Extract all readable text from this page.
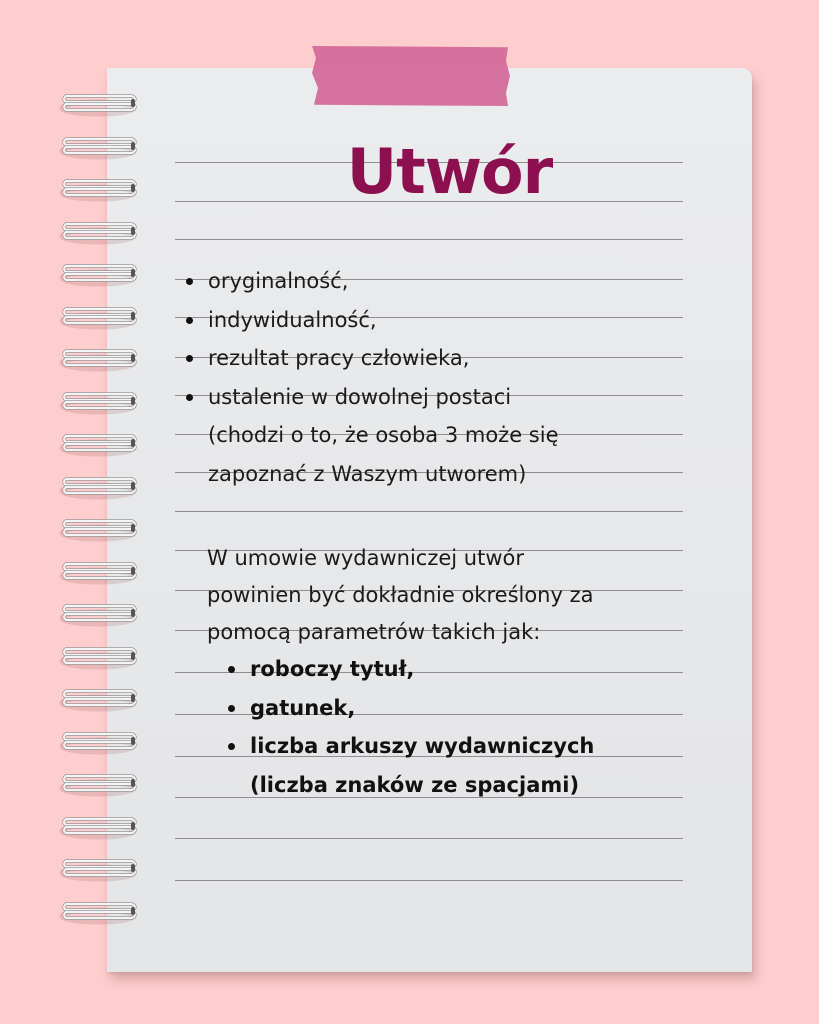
Utwór
oryginalność,
indywidualność,
rezultat pracy człowieka,
ustalenie w dowolnej postaci
(chodzi o to, że osoba 3 może się
zapoznać z Waszym utworem)
W umowie wydawniczej utwór
powinien być dokładnie określony za
pomocą parametrów takich jak:
roboczy tytuł,
gatunek,
liczba arkuszy wydawniczych
(liczba znaków ze spacjami)
